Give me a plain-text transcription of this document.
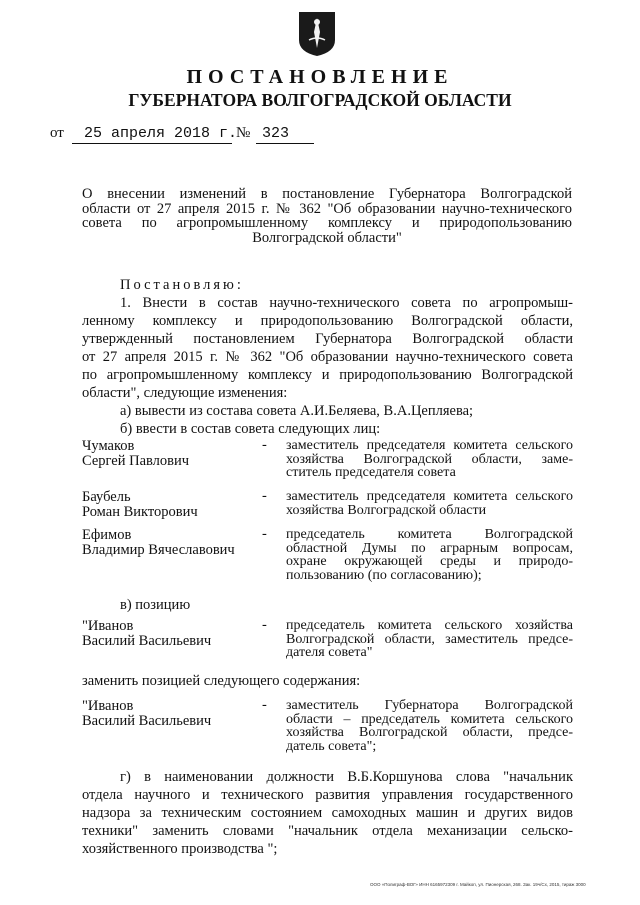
ПОСТАНОВЛЕНИЕ
ГУБЕРНАТОРА ВОЛГОГРАДСКОЙ ОБЛАСТИ
от 25 апреля 2018 г.
№ 323
О внесении изменений в постановление Губернатора Волгоградской
области от 27 апреля 2015 г. № 362 "Об образовании научно-технического
совета по агропромышленному комплексу и природопользованию
Волгоградской области"
Постановляю:
1. Внести в состав научно-технического совета по агропромыш-
ленному комплексу и природопользованию Волгоградской области,
утвержденный постановлением Губернатора Волгоградской области
от 27 апреля 2015 г. № 362 "Об образовании научно-технического совета
по агропромышленному комплексу и природопользованию Волгоградской
области", следующие изменения:
а) вывести из состава совета А.И.Беляева, В.А.Цепляева;
б) ввести в состав совета следующих лиц:
Чумаков
Сергей Павлович
- заместитель председателя комитета сельского
хозяйства Волгоградской области, заме-
ститель председателя совета
Баубель
Роман Викторович
- заместитель председателя комитета сельского
хозяйства Волгоградской области
Ефимов
Владимир Вячеславович
- председатель комитета Волгоградской
областной Думы по аграрным вопросам,
охране окружающей среды и природо-
пользованию (по согласованию);
в) позицию
"Иванов
Василий Васильевич
- председатель комитета сельского хозяйства
Волгоградской области, заместитель предсе-
дателя совета"
заменить позицией следующего содержания:
"Иванов
Василий Васильевич
- заместитель Губернатора Волгоградской
области – председатель комитета сельского
хозяйства Волгоградской области, предсе-
датель совета";
г) в наименовании должности В.Б.Коршунова слова "начальник
отдела научного и технического развития управления государственного
надзора за техническим состоянием самоходных машин и других видов
техники" заменить словами "начальник отдела механизации сельско-
хозяйственного производства ";
ООО «Полиграф-ВОГ» ИНН 6165972309 г. Майкоп, ул. Пионерская, 268. Зак. 19ч/Сх, 2015, тираж 3000
